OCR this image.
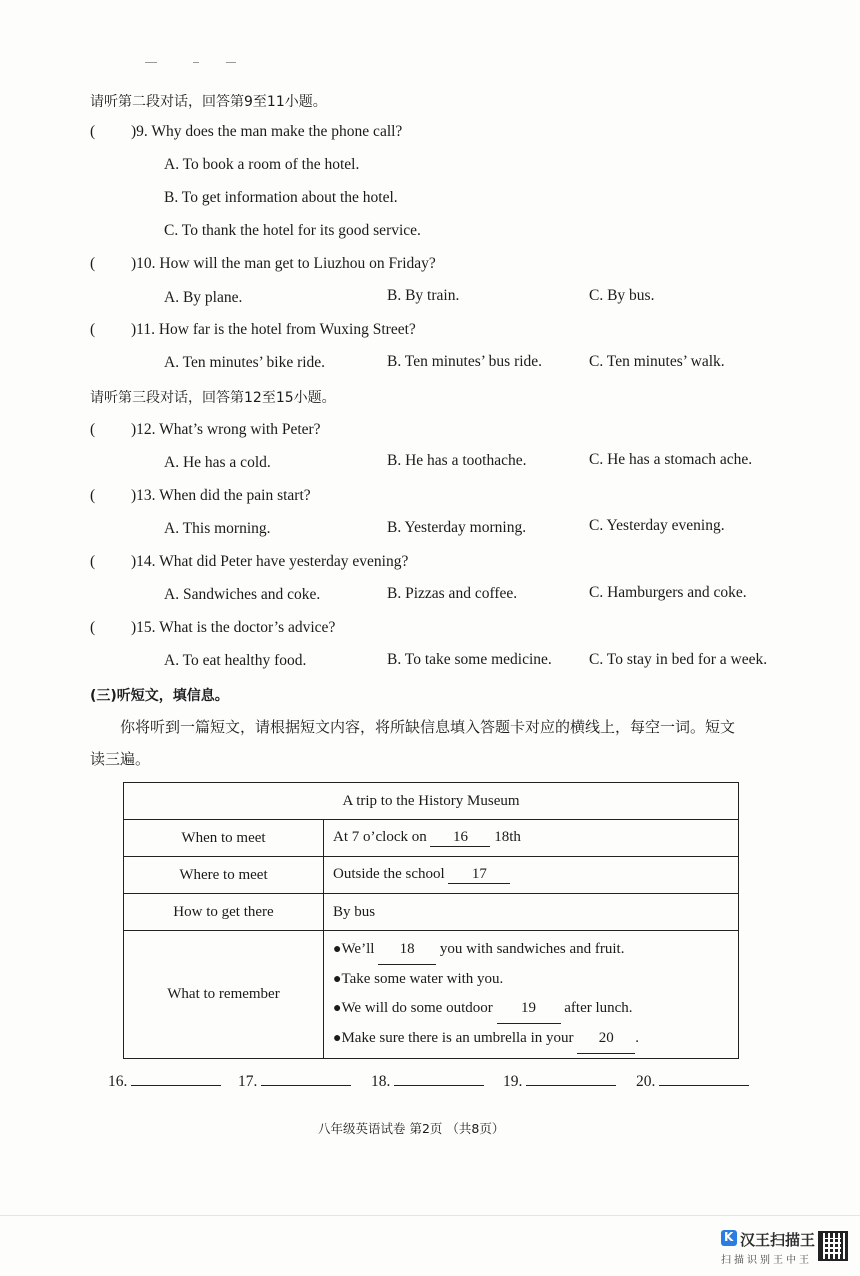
请听第二段对话，回答第9至11小题。
( )9. Why does the man make the phone call?
A. To book a room of the hotel.
B. To get information about the hotel.
C. To thank the hotel for its good service.
( )10. How will the man get to Liuzhou on Friday?
A. By plane.	B. By train.	C. By bus.
( )11. How far is the hotel from Wuxing Street?
A. Ten minutes’ bike ride.	B. Ten minutes’ bus ride.	C. Ten minutes’ walk.
请听第三段对话，回答第12至15小题。
( )12. What’s wrong with Peter?
A. He has a cold.	B. He has a toothache.	C. He has a stomach ache.
( )13. When did the pain start?
A. This morning.	B. Yesterday morning.	C. Yesterday evening.
( )14. What did Peter have yesterday evening?
A. Sandwiches and coke.	B. Pizzas and coffee.	C. Hamburgers and coke.
( )15. What is the doctor’s advice?
A. To eat healthy food.	B. To take some medicine. C. To stay in bed for a week.
(三)听短文，填信息。
你将听到一篇短文，请根据短文内容，将所缺信息填入答题卡对应的横线上，每空一词。短文
读三遍。
A trip to the History Museum	
When to meet	At 7 o’clock on 16 18th
Where to meet	Outside the school 17
How to get there	By bus
What to remember	●We’ll 18 you with sandwiches and fruit.
●Take some water with you.
●We will do some outdoor 19 after lunch.
●Make sure there is an umbrella in your 20 .
16.	17.	18.	19.	20.
八年级英语试卷 第2页 （共8页）
K 汉王扫描王
扫描识别王中王
